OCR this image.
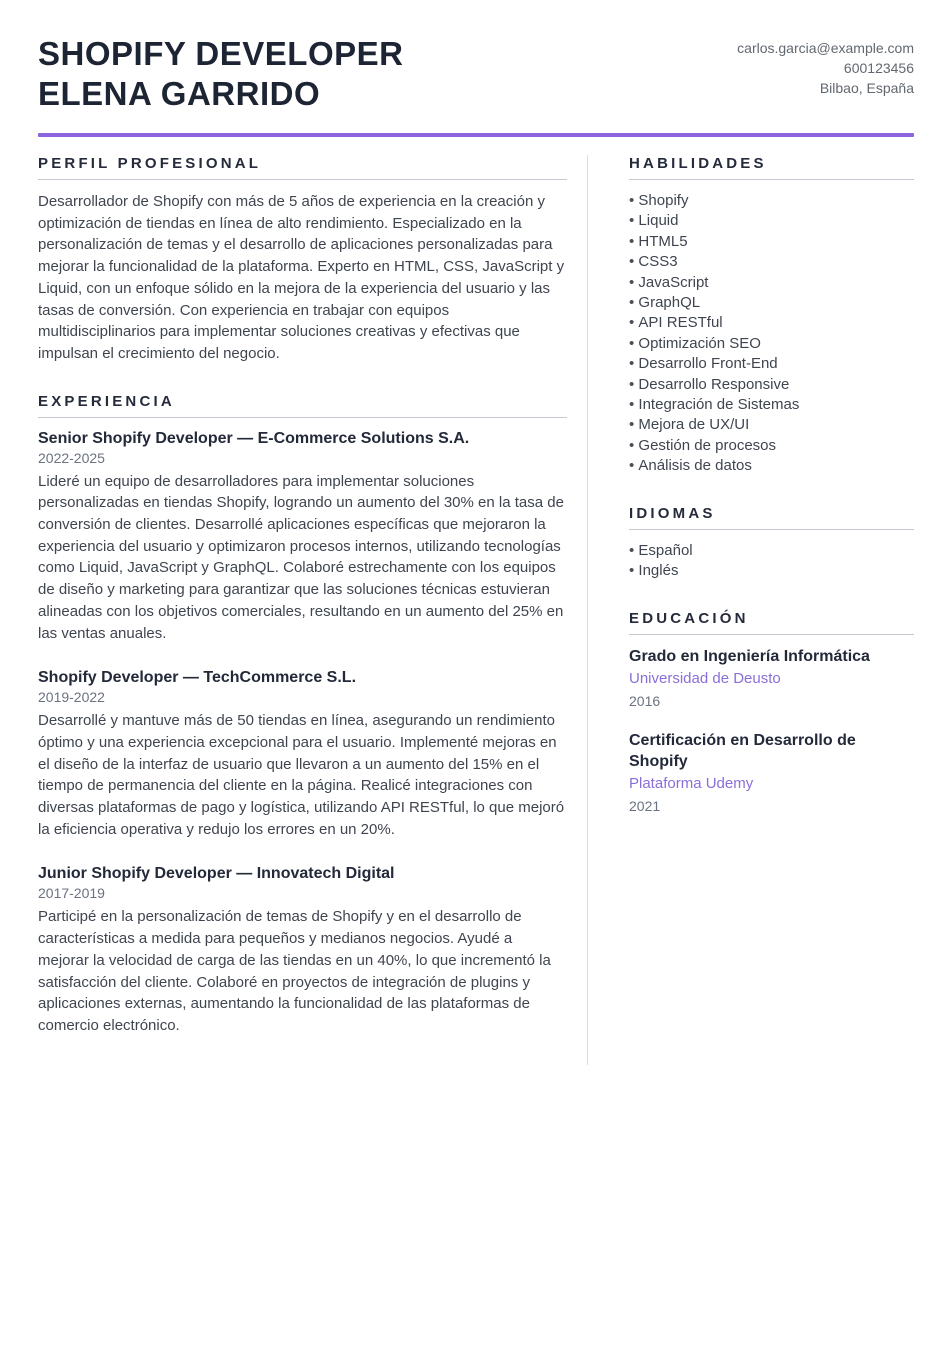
SHOPIFY DEVELOPER
ELENA GARRIDO
carlos.garcia@example.com
600123456
Bilbao, España
PERFIL PROFESIONAL

Desarrollador de Shopify con más de 5 años de experiencia en la creación y optimización de tiendas en línea de alto rendimiento. Especializado en la personalización de temas y el desarrollo de aplicaciones personalizadas para mejorar la funcionalidad de la plataforma. Experto en HTML, CSS, JavaScript y Liquid, con un enfoque sólido en la mejora de la experiencia del usuario y las tasas de conversión. Con experiencia en trabajar con equipos multidisciplinarios para implementar soluciones creativas y efectivas que impulsan el crecimiento del negocio.

EXPERIENCIA
Senior Shopify Developer — E-Commerce Solutions S.A.
2022-2025

Lideré un equipo de desarrolladores para implementar soluciones personalizadas en tiendas Shopify, logrando un aumento del 30% en la tasa de conversión de clientes. Desarrollé aplicaciones específicas que mejoraron la experiencia del usuario y optimizaron procesos internos, utilizando tecnologías como Liquid, JavaScript y GraphQL. Colaboré estrechamente con los equipos de diseño y marketing para garantizar que las soluciones técnicas estuvieran alineadas con los objetivos comerciales, resultando en un aumento del 25% en las ventas anuales.

Shopify Developer — TechCommerce S.L.
2019-2022

Desarrollé y mantuve más de 50 tiendas en línea, asegurando un rendimiento óptimo y una experiencia excepcional para el usuario. Implementé mejoras en el diseño de la interfaz de usuario que llevaron a un aumento del 15% en el tiempo de permanencia del cliente en la página. Realicé integraciones con diversas plataformas de pago y logística, utilizando API RESTful, lo que mejoró la eficiencia operativa y redujo los errores en un 20%.

Junior Shopify Developer — Innovatech Digital
2017-2019

Participé en la personalización de temas de Shopify y en el desarrollo de características a medida para pequeños y medianos negocios. Ayudé a mejorar la velocidad de carga de las tiendas en un 40%, lo que incrementó la satisfacción del cliente. Colaboré en proyectos de integración de plugins y aplicaciones externas, aumentando la funcionalidad de las plataformas de comercio electrónico.

HABILIDADES
• Shopify
• Liquid
• HTML5
• CSS3
• JavaScript
• GraphQL
• API RESTful
• Optimización SEO
• Desarrollo Front-End
• Desarrollo Responsive
• Integración de Sistemas
• Mejora de UX/UI
• Gestión de procesos
• Análisis de datos
IDIOMAS
• Español
• Inglés
EDUCACIÓN
Grado en Ingeniería Informática
Universidad de Deusto
2016
Certificación en Desarrollo de Shopify
Plataforma Udemy
2021
